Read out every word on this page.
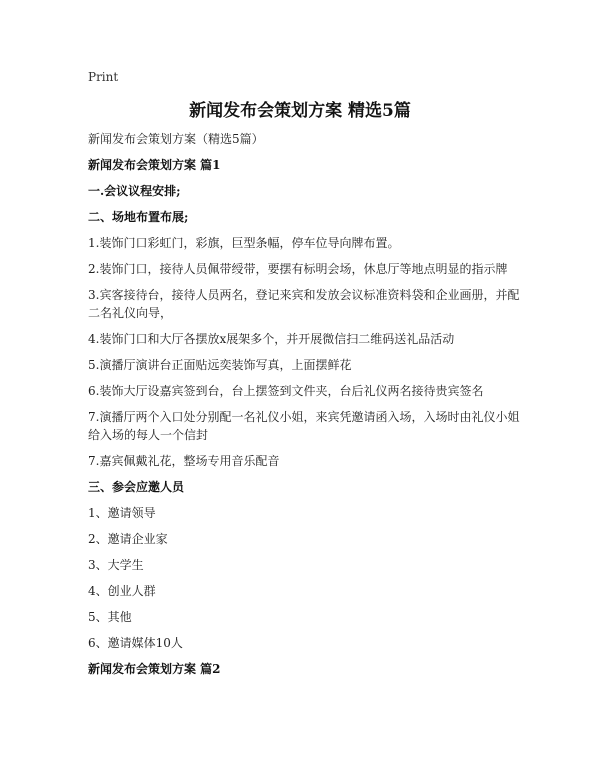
Print
新闻发布会策划方案 精选5篇

新闻发布会策划方案（精选5篇）

新闻发布会策划方案 篇1

一.会议议程安排;

二、场地布置布展;

1.装饰门口彩虹门，彩旗，巨型条幅，停车位导向牌布置。

2.装饰门口，接待人员佩带绶带，要摆有标明会场，休息厅等地点明显的指示牌

3.宾客接待台，接待人员两名，登记来宾和发放会议标准资料袋和企业画册，并配二名礼仪向导，

4.装饰门口和大厅各摆放x展架多个，并开展微信扫二维码送礼品活动

5.演播厅演讲台正面贴远奕装饰写真，上面摆鲜花

6.装饰大厅设嘉宾签到台，台上摆签到文件夹，台后礼仪两名接待贵宾签名

7.演播厅两个入口处分别配一名礼仪小姐，来宾凭邀请函入场，入场时由礼仪小姐给入场的每人一个信封

7.嘉宾佩戴礼花，整场专用音乐配音

三、参会应邀人员

1、邀请领导

2、邀请企业家

3、大学生

4、创业人群

5、其他

6、邀请媒体10人

新闻发布会策划方案 篇2
